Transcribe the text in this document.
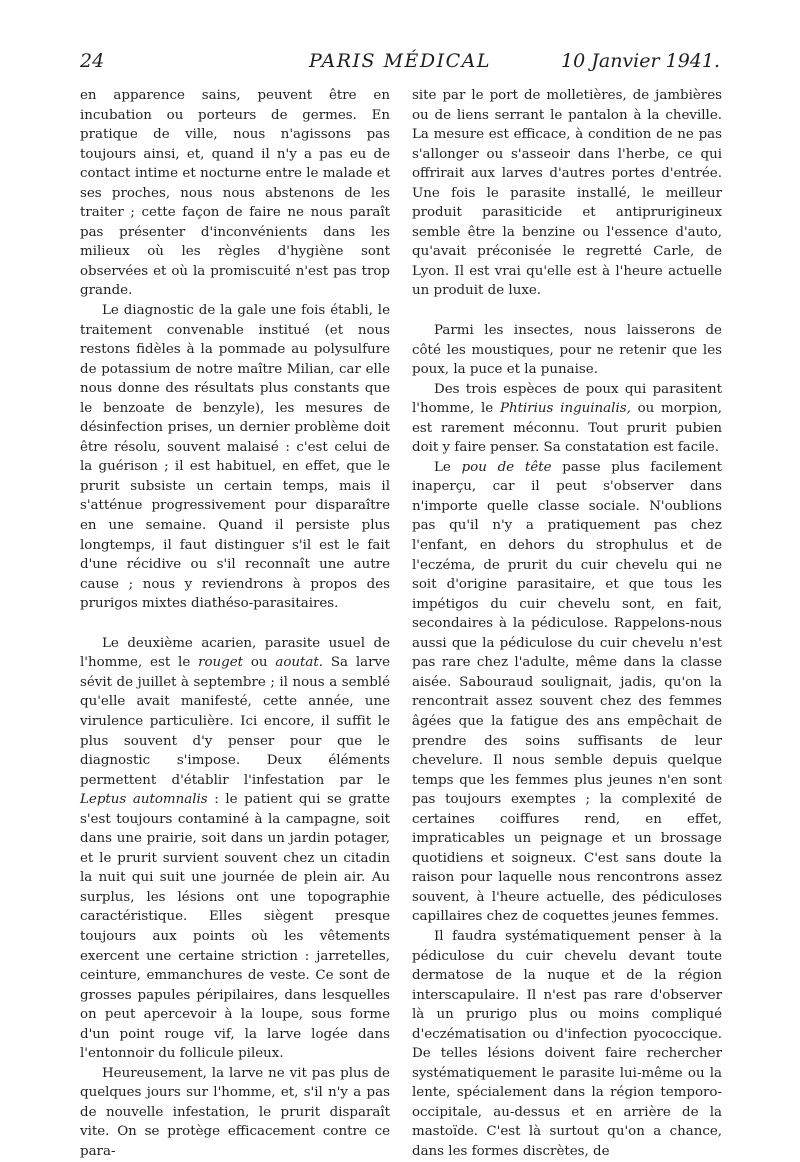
24	PARIS MÉDICAL	10 Janvier 1941.

en apparence sains, peuvent être en incubation ou porteurs de germes. En pratique de ville, nous n'agissons pas toujours ainsi, et, quand il n'y a pas eu de contact intime et nocturne entre le malade et ses proches, nous nous abstenons de les traiter ; cette façon de faire ne nous paraît pas présenter d'inconvénients dans les milieux où les règles d'hygiène sont observées et où la promiscuité n'est pas trop grande.

Le diagnostic de la gale une fois établi, le traitement convenable institué (et nous restons fidèles à la pommade au polysulfure de potassium de notre maître Milian, car elle nous donne des résultats plus constants que le benzoate de benzyle), les mesures de désinfection prises, un dernier problème doit être résolu, souvent malaisé : c'est celui de la guérison ; il est habituel, en effet, que le prurit subsiste un certain temps, mais il s'atténue progressivement pour disparaître en une semaine. Quand il persiste plus longtemps, il faut distinguer s'il est le fait d'une récidive ou s'il reconnaît une autre cause ; nous y reviendrons à propos des prurigos mixtes diathéso-parasitaires.

Le deuxième acarien, parasite usuel de l'homme, est le rouget ou aoutat. Sa larve sévit de juillet à septembre ; il nous a semblé qu'elle avait manifesté, cette année, une virulence particulière. Ici encore, il suffit le plus souvent d'y penser pour que le diagnostic s'impose. Deux éléments permettent d'établir l'infestation par le Leptus automnalis : le patient qui se gratte s'est toujours contaminé à la campagne, soit dans une prairie, soit dans un jardin potager, et le prurit survient souvent chez un citadin la nuit qui suit une journée de plein air. Au surplus, les lésions ont une topographie caractéristique. Elles siègent presque toujours aux points où les vêtements exercent une certaine striction : jarretelles, ceinture, emmanchures de veste. Ce sont de grosses papules péripilaires, dans lesquelles on peut apercevoir à la loupe, sous forme d'un point rouge vif, la larve logée dans l'entonnoir du follicule pileux.

Heureusement, la larve ne vit pas plus de quelques jours sur l'homme, et, s'il n'y a pas de nouvelle infestation, le prurit disparaît vite. On se protège efficacement contre ce para-

site par le port de molletières, de jambières ou de liens serrant le pantalon à la cheville. La mesure est efficace, à condition de ne pas s'allonger ou s'asseoir dans l'herbe, ce qui offrirait aux larves d'autres portes d'entrée. Une fois le parasite installé, le meilleur produit parasiticide et antiprurigineux semble être la benzine ou l'essence d'auto, qu'avait préconisée le regretté Carle, de Lyon. Il est vrai qu'elle est à l'heure actuelle un produit de luxe.

Parmi les insectes, nous laisserons de côté les moustiques, pour ne retenir que les poux, la puce et la punaise.

Des trois espèces de poux qui parasitent l'homme, le Phtirius inguinalis, ou morpion, est rarement méconnu. Tout prurit pubien doit y faire penser. Sa constatation est facile.

Le pou de tête passe plus facilement inaperçu, car il peut s'observer dans n'importe quelle classe sociale. N'oublions pas qu'il n'y a pratiquement pas chez l'enfant, en dehors du strophulus et de l'eczéma, de prurit du cuir chevelu qui ne soit d'origine parasitaire, et que tous les impétigos du cuir chevelu sont, en fait, secondaires à la pédiculose. Rappelons-nous aussi que la pédiculose du cuir chevelu n'est pas rare chez l'adulte, même dans la classe aisée. Sabouraud soulignait, jadis, qu'on la rencontrait assez souvent chez des femmes âgées que la fatigue des ans empêchait de prendre des soins suffisants de leur chevelure. Il nous semble depuis quelque temps que les femmes plus jeunes n'en sont pas toujours exemptes ; la complexité de certaines coiffures rend, en effet, impraticables un peignage et un brossage quotidiens et soigneux. C'est sans doute la raison pour laquelle nous rencontrons assez souvent, à l'heure actuelle, des pédiculoses capillaires chez de coquettes jeunes femmes.

Il faudra systématiquement penser à la pédiculose du cuir chevelu devant toute dermatose de la nuque et de la région interscapulaire. Il n'est pas rare d'observer là un prurigo plus ou moins compliqué d'eczématisation ou d'infection pyococcique. De telles lésions doivent faire rechercher systématiquement le parasite lui-même ou la lente, spécialement dans la région temporo-occipitale, au-dessus et en arrière de la mastoïde. C'est là surtout qu'on a chance, dans les formes discrètes, de
